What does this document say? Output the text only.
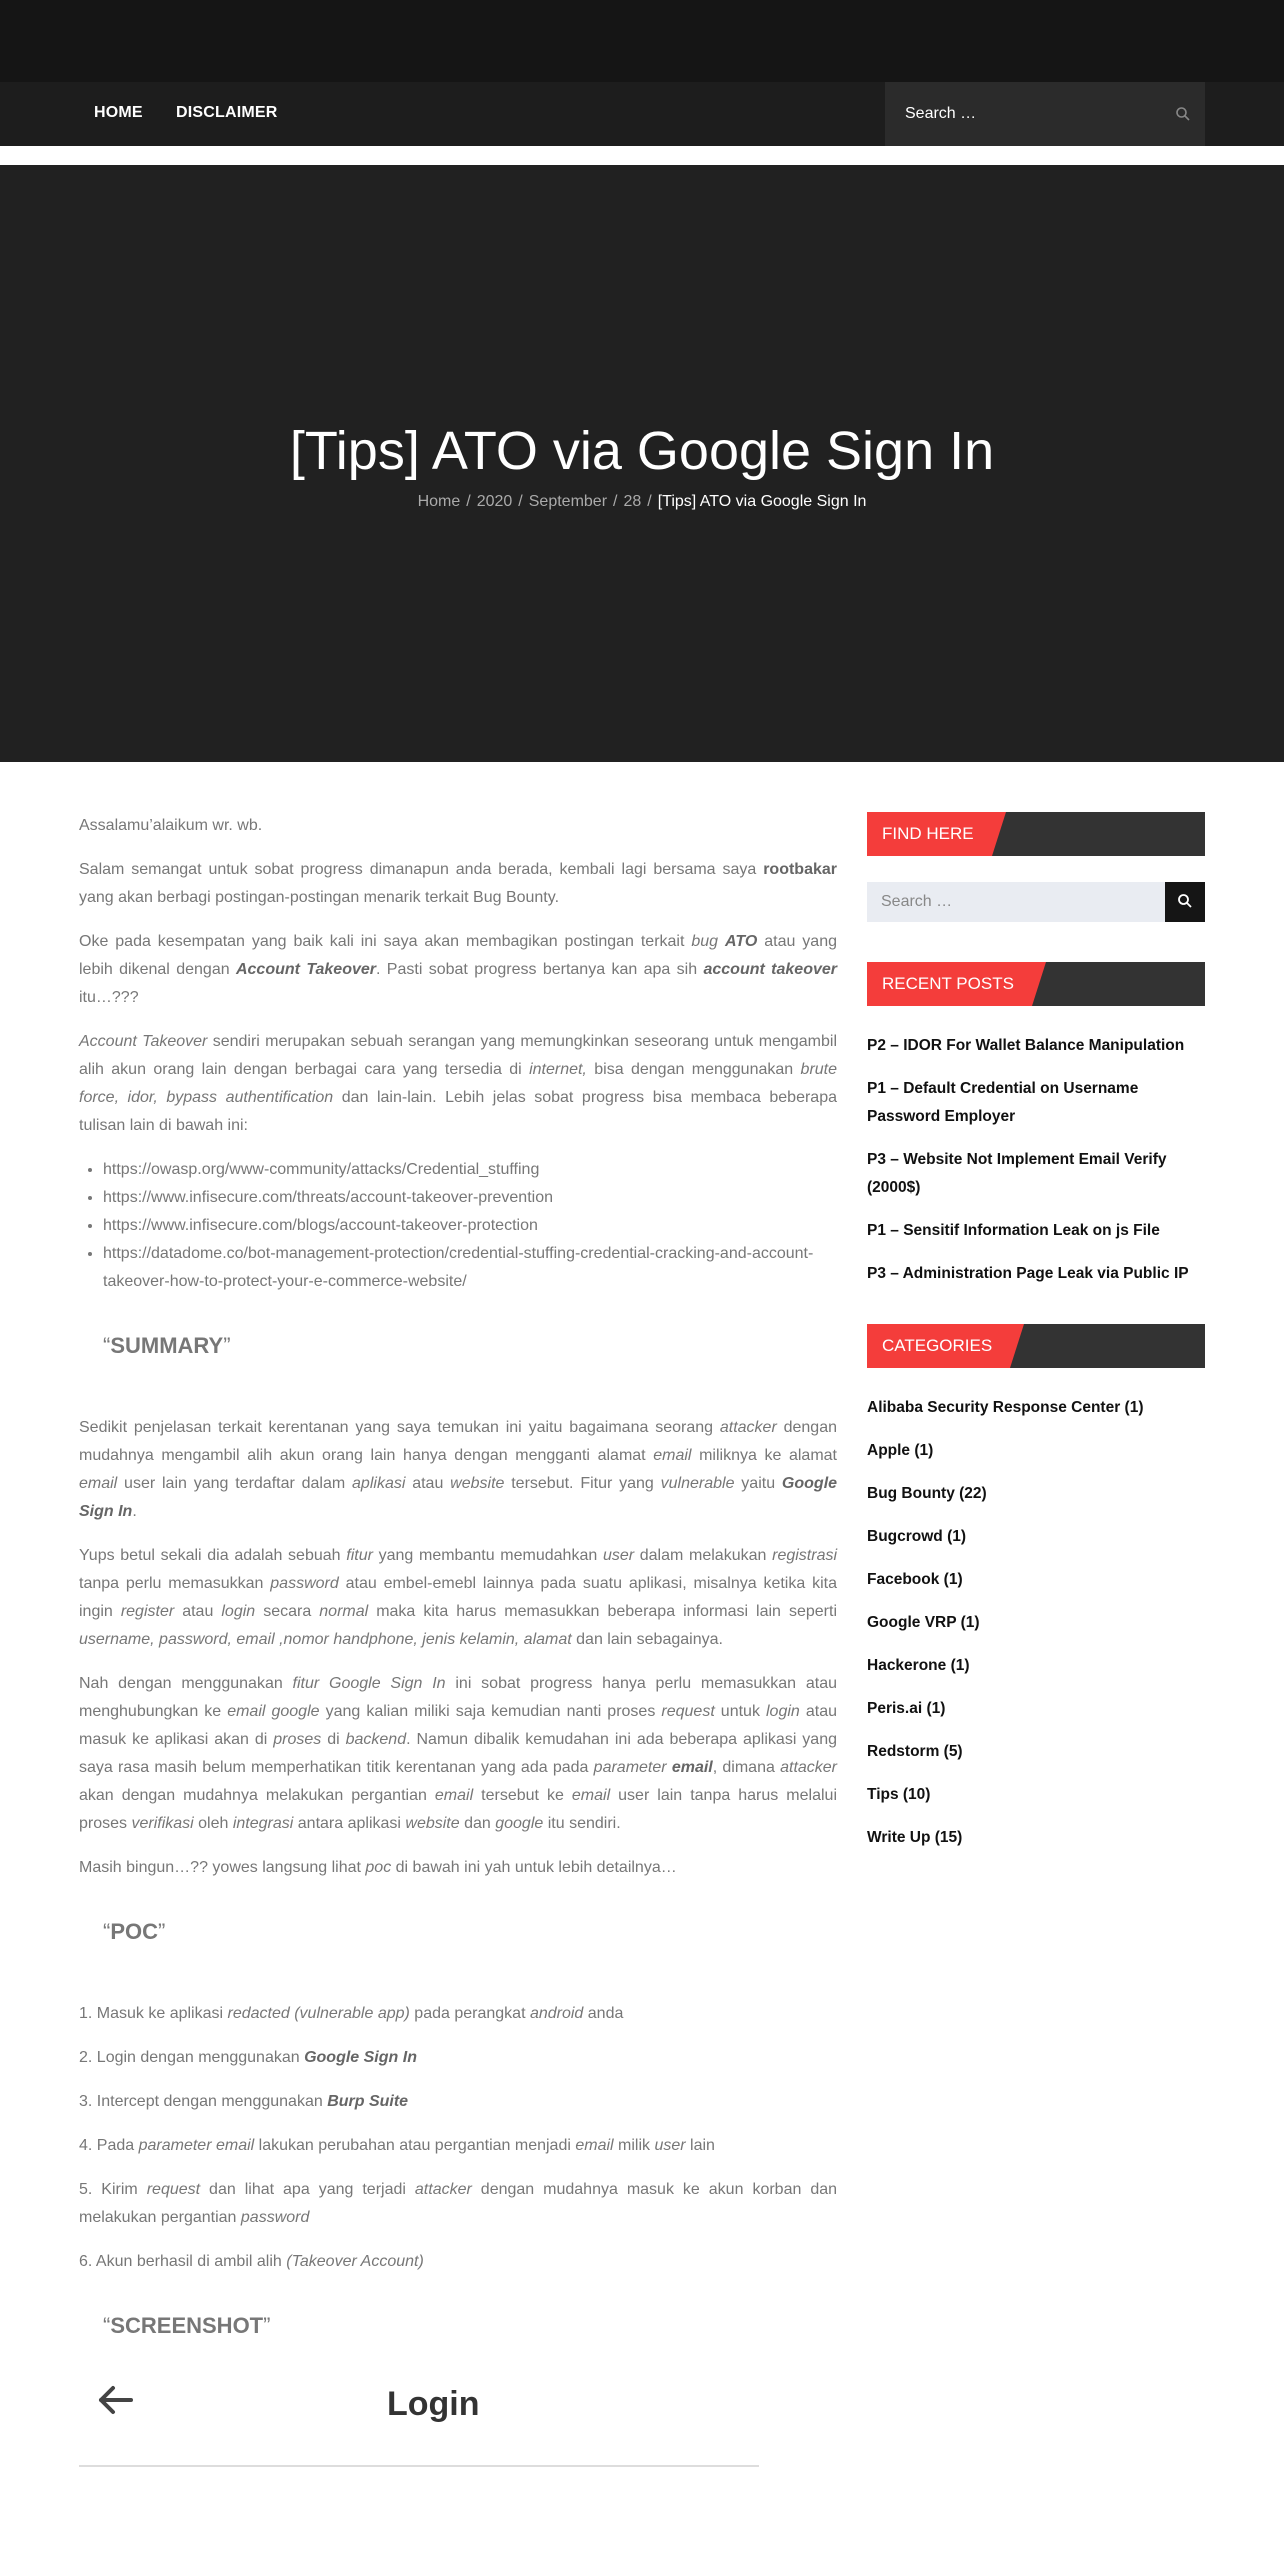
HOME DISCLAIMER
Search …
[Tips] ATO via Google Sign In
Home / 2020 / September / 28 / [Tips] ATO via Google Sign In

Assalamu’alaikum wr. wb.

Salam semangat untuk sobat progress dimanapun anda berada, kembali lagi bersama saya rootbakar yang akan berbagi postingan-postingan menarik terkait Bug Bounty.

Oke pada kesempatan yang baik kali ini saya akan membagikan postingan terkait bug ATO atau yang lebih dikenal dengan Account Takeover. Pasti sobat progress bertanya kan apa sih account takeover itu…???

Account Takeover sendiri merupakan sebuah serangan yang memungkinkan seseorang untuk mengambil alih akun orang lain dengan berbagai cara yang tersedia di internet, bisa dengan menggunakan brute force, idor, bypass authentification dan lain-lain. Lebih jelas sobat progress bisa membaca beberapa tulisan lain di bawah ini:

• https://owasp.org/www-community/attacks/Credential_stuffing
• https://www.infisecure.com/threats/account-takeover-prevention
• https://www.infisecure.com/blogs/account-takeover-protection
• https://datadome.co/bot-management-protection/credential-stuffing-credential-cracking-and-account-takeover-how-to-protect-your-e-commerce-website/
“SUMMARY”

Sedikit penjelasan terkait kerentanan yang saya temukan ini yaitu bagaimana seorang attacker dengan mudahnya mengambil alih akun orang lain hanya dengan mengganti alamat email miliknya ke alamat email user lain yang terdaftar dalam aplikasi atau website tersebut. Fitur yang vulnerable yaitu Google Sign In.

Yups betul sekali dia adalah sebuah fitur yang membantu memudahkan user dalam melakukan registrasi tanpa perlu memasukkan password atau embel-emebl lainnya pada suatu aplikasi, misalnya ketika kita ingin register atau login secara normal maka kita harus memasukkan beberapa informasi lain seperti username, password, email ,nomor handphone, jenis kelamin, alamat dan lain sebagainya.

Nah dengan menggunakan fitur Google Sign In ini sobat progress hanya perlu memasukkan atau menghubungkan ke email google yang kalian miliki saja kemudian nanti proses request untuk login atau masuk ke aplikasi akan di proses di backend. Namun dibalik kemudahan ini ada beberapa aplikasi yang saya rasa masih belum memperhatikan titik kerentanan yang ada pada parameter email, dimana attacker akan dengan mudahnya melakukan pergantian email tersebut ke email user lain tanpa harus melalui proses verifikasi oleh integrasi antara aplikasi website dan google itu sendiri.

Masih bingun…?? yowes langsung lihat poc di bawah ini yah untuk lebih detailnya…

“POC”

1. Masuk ke aplikasi redacted (vulnerable app) pada perangkat android anda

2. Login dengan menggunakan Google Sign In

3. Intercept dengan menggunakan Burp Suite

4. Pada parameter email lakukan perubahan atau pergantian menjadi email milik user lain

5. Kirim request dan lihat apa yang terjadi attacker dengan mudahnya masuk ke akun korban dan melakukan pergantian password

6. Akun berhasil di ambil alih (Takeover Account)

“SCREENSHOT”
Login
FIND HERE
Search …
RECENT POSTS
P2 – IDOR For Wallet Balance Manipulation
P1 – Default Credential on Username Password Employer
P3 – Website Not Implement Email Verify (2000$)
P1 – Sensitif Information Leak on js File
P3 – Administration Page Leak via Public IP
CATEGORIES
Alibaba Security Response Center (1)
Apple (1)
Bug Bounty (22)
Bugcrowd (1)
Facebook (1)
Google VRP (1)
Hackerone (1)
Peris.ai (1)
Redstorm (5)
Tips (10)
Write Up (15)
